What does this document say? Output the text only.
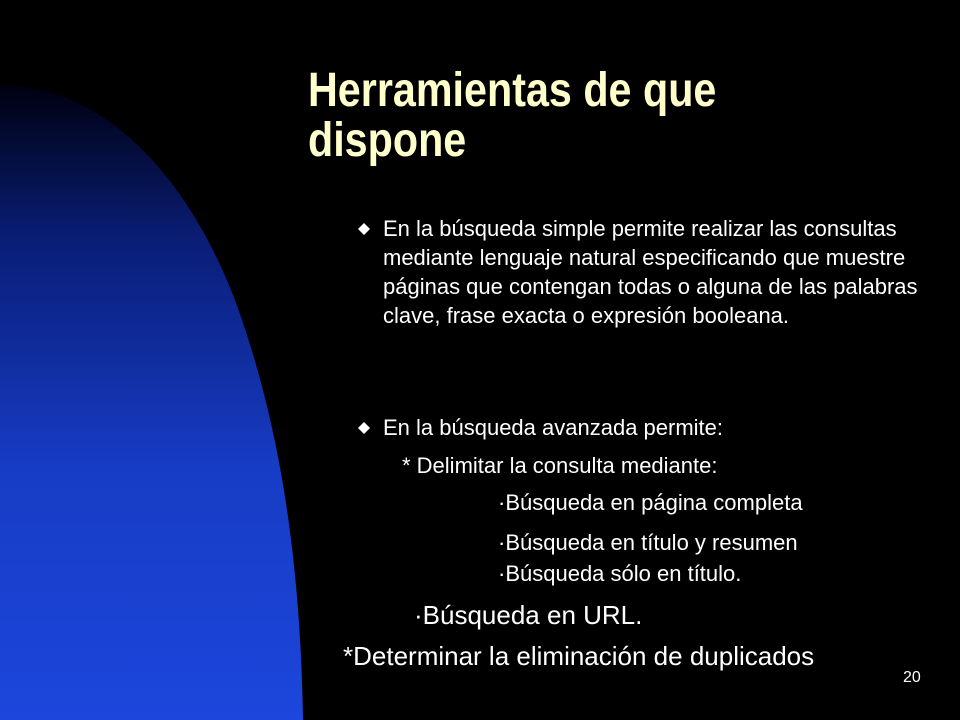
Herramientas de que dispone
En la búsqueda simple permite realizar las consultas mediante lenguaje natural especificando que muestre páginas que contengan todas o alguna de las palabras clave, frase exacta o expresión booleana.
En la búsqueda avanzada permite:
* Delimitar la consulta mediante:
·Búsqueda en página completa
·Búsqueda en título y resumen
·Búsqueda sólo en título.
·Búsqueda en URL.
*Determinar la eliminación de duplicados
20
